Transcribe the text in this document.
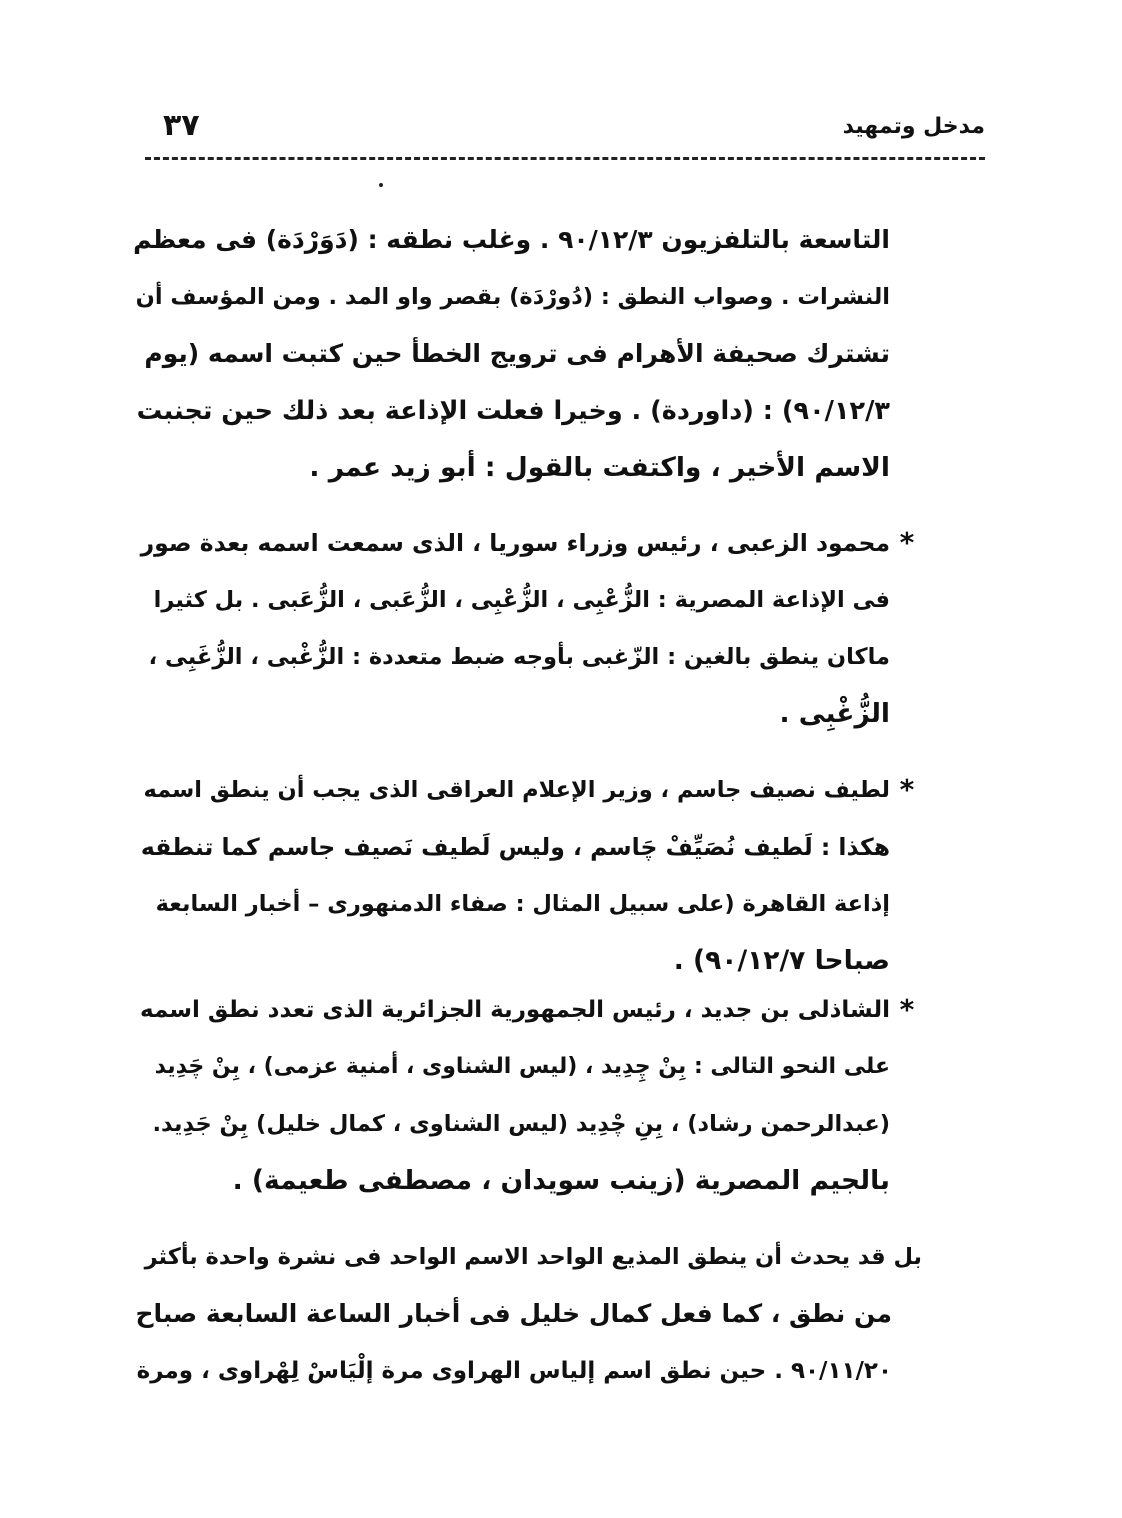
٣٧	مدخل وتمهيد
التاسعة بالتلفزيون ٩٠/١٢/٣ . وغلب نطقه : (دَوَرْدَة) فى معظم
النشرات . وصواب النطق : (دُورْدَة) بقصر واو المد . ومن المؤسف أن
تشترك صحيفة الأهرام فى ترويج الخطأ حين كتبت اسمه (يوم
٩٠/١٢/٣) : (داوردة) . وخيرا فعلت الإذاعة بعد ذلك حين تجنبت
الاسم الأخير ، واكتفت بالقول : أبو زيد عمر .
*
محمود الزعبى ، رئيس وزراء سوريا ، الذى سمعت اسمه بعدة صور
فى الإذاعة المصرية : الزُّعْبِى ، الزُّعْبِى ، الزُّعَبى ، الزُّعَبى . بل كثيرا
ماكان ينطق بالغين : الزّغبى بأوجه ضبط متعددة : الزُّغْبى ، الزُّغَبِى ،
الزُّغْبِى .
*
لطيف نصيف جاسم ، وزير الإعلام العراقى الذى يجب أن ينطق اسمه
هكذا : لَطيف نُصَيِّفْ چَاسم ، وليس لَطيف نَصيف جاسم كما تنطقه
إذاعة القاهرة (على سبيل المثال : صفاء الدمنهورى – أخبار السابعة
صباحا ٩٠/١٢/٧) .
*
الشاذلى بن جديد ، رئيس الجمهورية الجزائرية الذى تعدد نطق اسمه
على النحو التالى : بِنْ چِدِيد ، (ليس الشناوى ، أمنية عزمى) ، بِنْ چَدِيد
(عبدالرحمن رشاد) ، بِنِ چْدِيد (ليس الشناوى ، كمال خليل) بِنْ جَدِيد.
بالجيم المصرية (زينب سويدان ، مصطفى طعيمة) .
بل قد يحدث أن ينطق المذيع الواحد الاسم الواحد فى نشرة واحدة بأكثر
من نطق ، كما فعل كمال خليل فى أخبار الساعة السابعة صباح
٩٠/١١/٢٠ . حين نطق اسم إلياس الهراوى مرة إلْيَاسْ لِهْراوى ، ومرة
